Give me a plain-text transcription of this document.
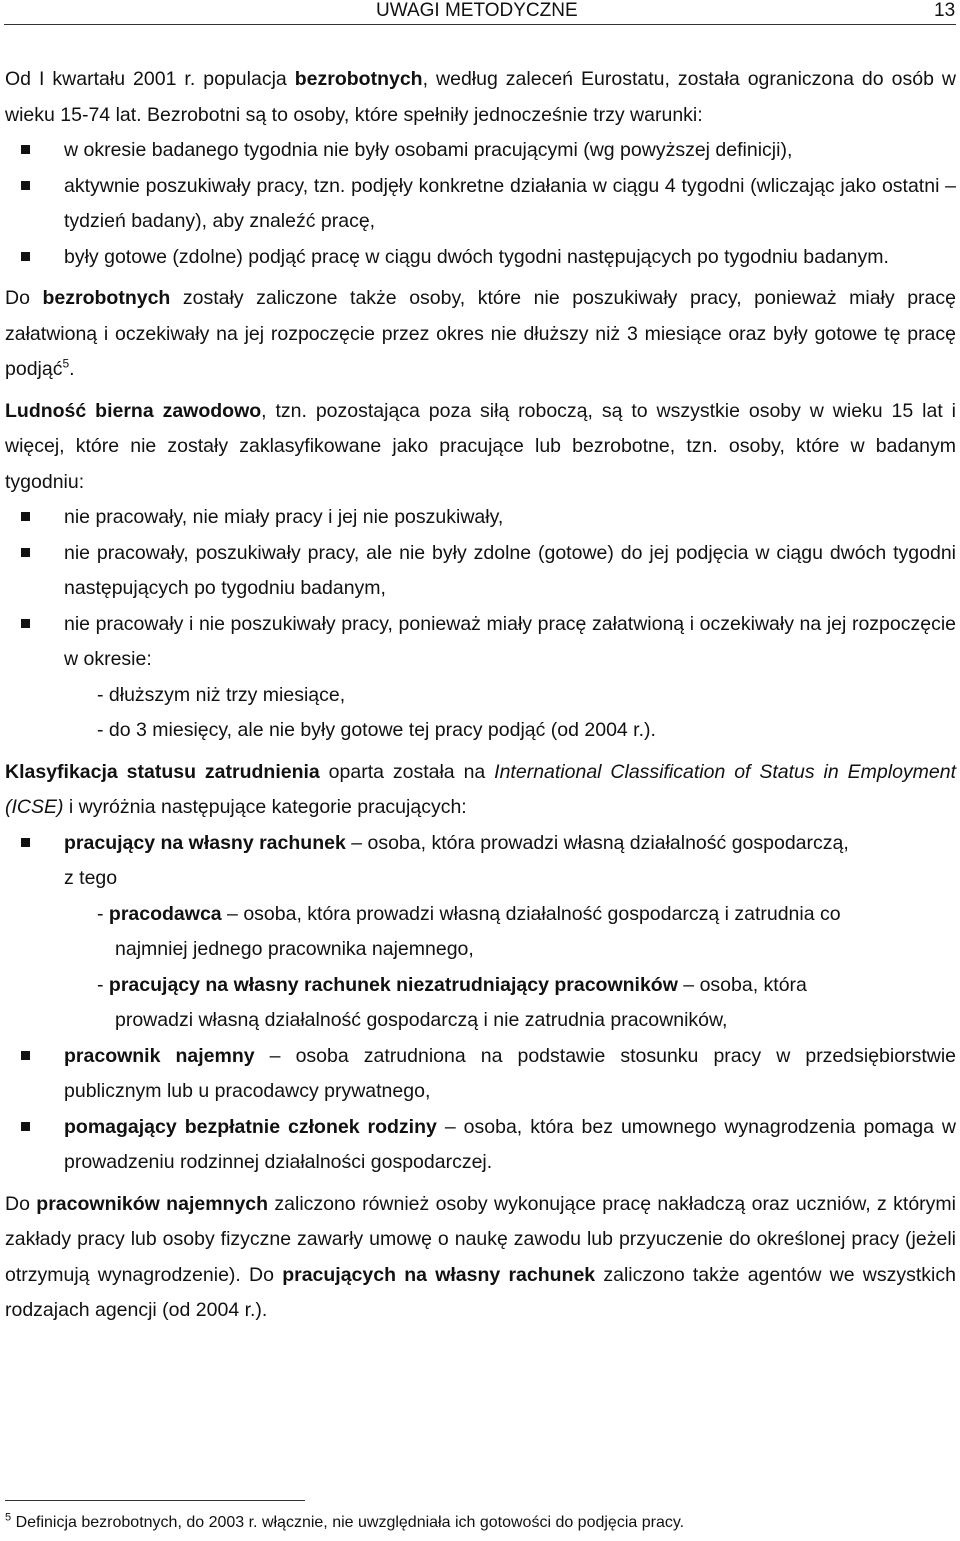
UWAGI METODYCZNE	13

Od I kwartału 2001 r. populacja bezrobotnych, według zaleceń Eurostatu, została ograniczona do osób w wieku 15-74 lat. Bezrobotni są to osoby, które spełniły jednocześnie trzy warunki:

w okresie badanego tygodnia nie były osobami pracującymi (wg powyższej definicji),
aktywnie poszukiwały pracy, tzn. podjęły konkretne działania w ciągu 4 tygodni (wliczając jako ostatni – tydzień badany), aby znaleźć pracę,
były gotowe (zdolne) podjąć pracę w ciągu dwóch tygodni następujących po tygodniu badanym.

Do bezrobotnych zostały zaliczone także osoby, które nie poszukiwały pracy, ponieważ miały pracę załatwioną i oczekiwały na jej rozpoczęcie przez okres nie dłuższy niż 3 miesiące oraz były gotowe tę pracę podjąć$^5$.

Ludność bierna zawodowo, tzn. pozostająca poza siłą roboczą, są to wszystkie osoby w wieku 15 lat i więcej, które nie zostały zaklasyfikowane jako pracujące lub bezrobotne, tzn. osoby, które w badanym tygodniu:

nie pracowały, nie miały pracy i jej nie poszukiwały,
nie pracowały, poszukiwały pracy, ale nie były zdolne (gotowe) do jej podjęcia w ciągu dwóch tygodni następujących po tygodniu badanym,
nie pracowały i nie poszukiwały pracy, ponieważ miały pracę załatwioną i oczekiwały na jej rozpoczęcie w okresie:
- dłuższym niż trzy miesiące,
- do 3 miesięcy, ale nie były gotowe tej pracy podjąć (od 2004 r.).

Klasyfikacja statusu zatrudnienia oparta została na International Classification of Status in Employment (ICSE) i wyróżnia następujące kategorie pracujących:

pracujący na własny rachunek – osoba, która prowadzi własną działalność gospodarczą,
z tego
- pracodawca – osoba, która prowadzi własną działalność gospodarczą i zatrudnia co
najmniej jednego pracownika najemnego,
- pracujący na własny rachunek niezatrudniający pracowników – osoba, która
prowadzi własną działalność gospodarczą i nie zatrudnia pracowników,
pracownik najemny – osoba zatrudniona na podstawie stosunku pracy w przedsiębiorstwie publicznym lub u pracodawcy prywatnego,
pomagający bezpłatnie członek rodziny – osoba, która bez umownego wynagrodzenia pomaga w prowadzeniu rodzinnej działalności gospodarczej.

Do pracowników najemnych zaliczono również osoby wykonujące pracę nakładczą oraz uczniów, z którymi zakłady pracy lub osoby fizyczne zawarły umowę o naukę zawodu lub przyuczenie do określonej pracy (jeżeli otrzymują wynagrodzenie). Do pracujących na własny rachunek zaliczono także agentów we wszystkich rodzajach agencji (od 2004 r.).

$^5$ Definicja bezrobotnych, do 2003 r. włącznie, nie uwzględniała ich gotowości do podjęcia pracy.
